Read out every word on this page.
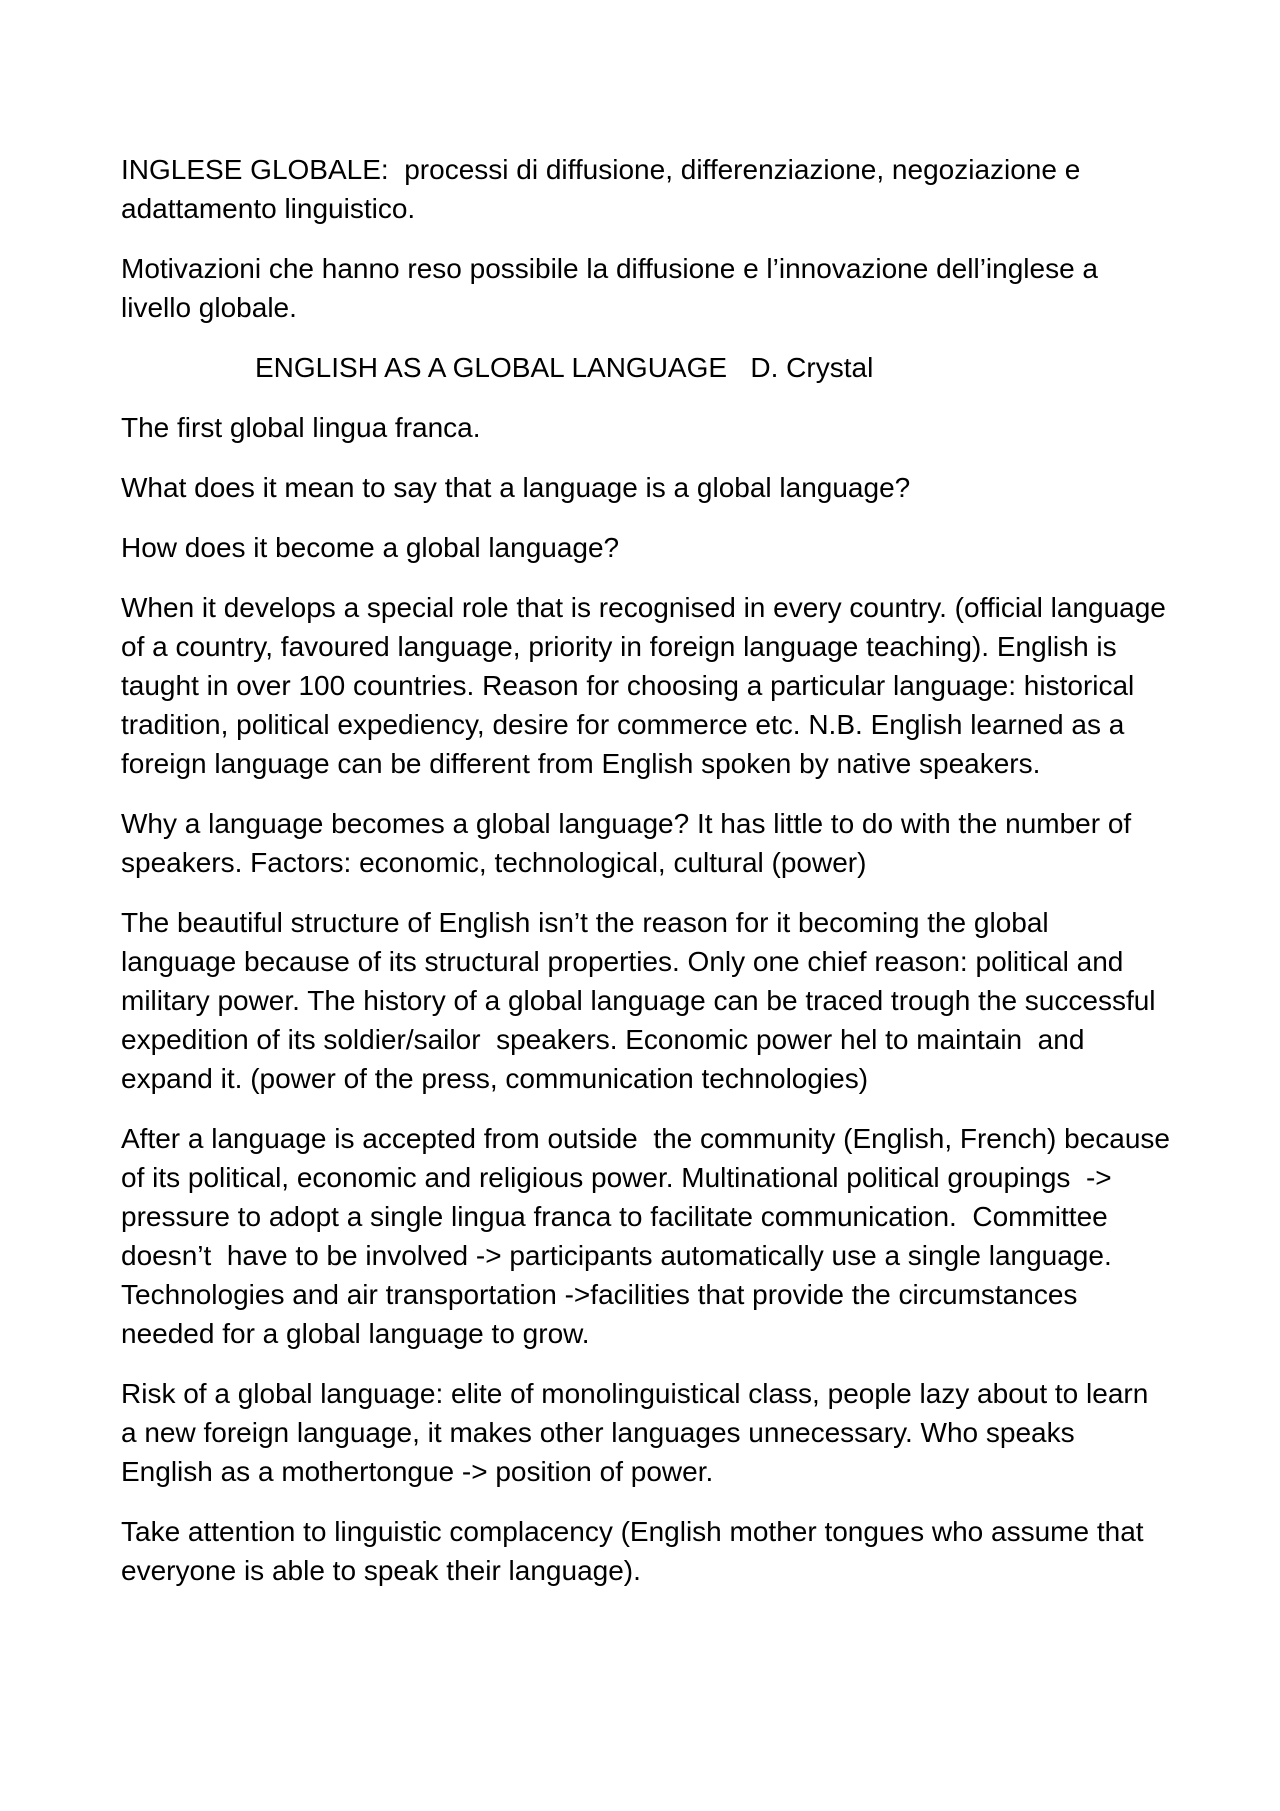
INGLESE GLOBALE:  processi di diffusione, differenziazione, negoziazione e adattamento linguistico.

Motivazioni che hanno reso possibile la diffusione e l’innovazione dell’inglese a livello globale.

ENGLISH AS A GLOBAL LANGUAGE   D. Crystal

The first global lingua franca.

What does it mean to say that a language is a global language?

How does it become a global language?

When it develops a special role that is recognised in every country. (official language of a country, favoured language, priority in foreign language teaching). English is taught in over 100 countries. Reason for choosing a particular language: historical tradition, political expediency, desire for commerce etc. N.B. English learned as a foreign language can be different from English spoken by native speakers.

Why a language becomes a global language? It has little to do with the number of speakers. Factors: economic, technological, cultural (power)

The beautiful structure of English isn’t the reason for it becoming the global language because of its structural properties. Only one chief reason: political and military power. The history of a global language can be traced trough the successful expedition of its soldier/sailor  speakers. Economic power hel to maintain  and expand it. (power of the press, communication technologies)

After a language is accepted from outside  the community (English, French) because of its political, economic and religious power. Multinational political groupings  -> pressure to adopt a single lingua franca to facilitate communication.  Committee doesn’t  have to be involved -> participants automatically use a single language.  Technologies and air transportation ->facilities that provide the circumstances needed for a global language to grow.

Risk of a global language: elite of monolinguistical class, people lazy about to learn a new foreign language, it makes other languages unnecessary. Who speaks English as a mothertongue -> position of power.

Take attention to linguistic complacency (English mother tongues who assume that everyone is able to speak their language).
